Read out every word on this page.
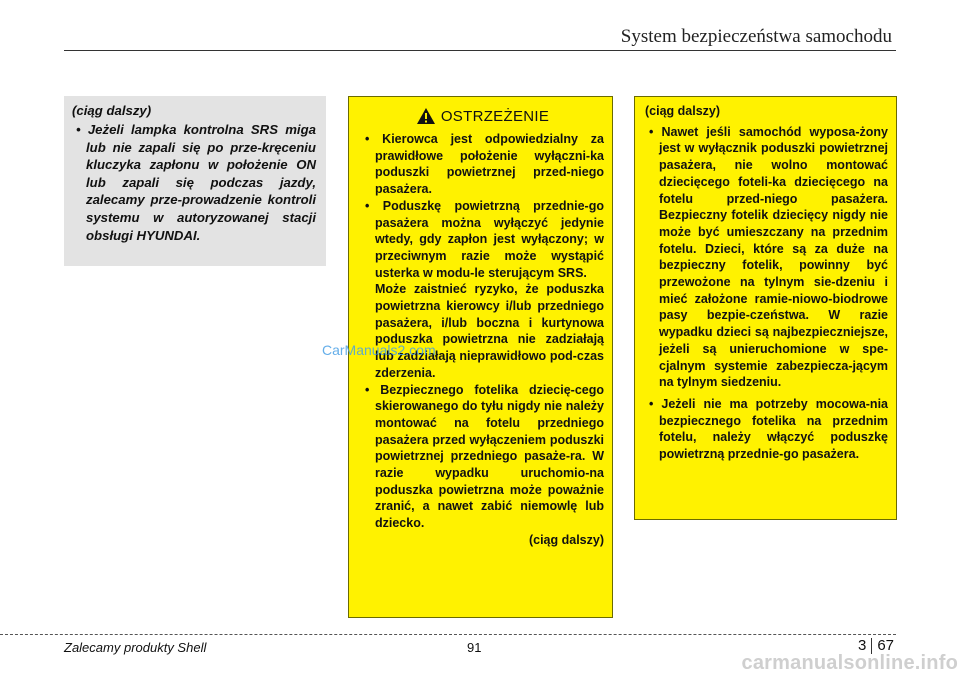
System bezpieczeństwa samochodu

(ciąg dalszy)

• Jeżeli lampka kontrolna SRS miga lub nie zapali się po prze-kręceniu kluczyka zapłonu w położenie ON lub zapali się podczas jazdy, zalecamy prze-prowadzenie kontroli systemu w autoryzowanej stacji obsługi HYUNDAI.

OSTRZEŻENIE

• Kierowca jest odpowiedzialny za prawidłowe położenie wyłączni-ka poduszki powietrznej przed-niego pasażera.

• Poduszkę powietrzną przednie-go pasażera można wyłączyć jedynie wtedy, gdy zapłon jest wyłączony; w przeciwnym razie może wystąpić usterka w modu-le sterującym SRS.

Może zaistnieć ryzyko, że poduszka powietrzna kierowcy i/lub przedniego pasażera, i/lub boczna i kurtynowa poduszka powietrzna nie zadziałają lub zadziałają nieprawidłowo pod-czas zderzenia.

• Bezpiecznego fotelika dziecię-cego skierowanego do tyłu nigdy nie należy montować na fotelu przedniego pasażera przed wyłączeniem poduszki powietrznej przedniego pasaże-ra. W razie wypadku uruchomio-na poduszka powietrzna może poważnie zranić, a nawet zabić niemowlę lub dziecko.

(ciąg dalszy)

(ciąg dalszy)

• Nawet jeśli samochód wyposa-żony jest w wyłącznik poduszki powietrznej pasażera, nie wolno montować dziecięcego foteli-ka dziecięcego na fotelu przed-niego pasażera. Bezpieczny fotelik dziecięcy nigdy nie może być umieszczany na przednim fotelu. Dzieci, które są za duże na bezpieczny fotelik, powinny być przewożone na tylnym sie-dzeniu i mieć założone ramie-niowo-biodrowe pasy bezpie-czeństwa. W razie wypadku dzieci są najbezpieczniejsze, jeżeli są unieruchomione w spe-cjalnym systemie zabezpiecza-jącym na tylnym siedzeniu.

• Jeżeli nie ma potrzeby mocowa-nia bezpiecznego fotelika na przednim fotelu, należy włączyć poduszkę powietrzną przednie-go pasażera.

CarManuals2.com
Zalecamy produkty Shell	91	3 67
carmanualsonline.info
